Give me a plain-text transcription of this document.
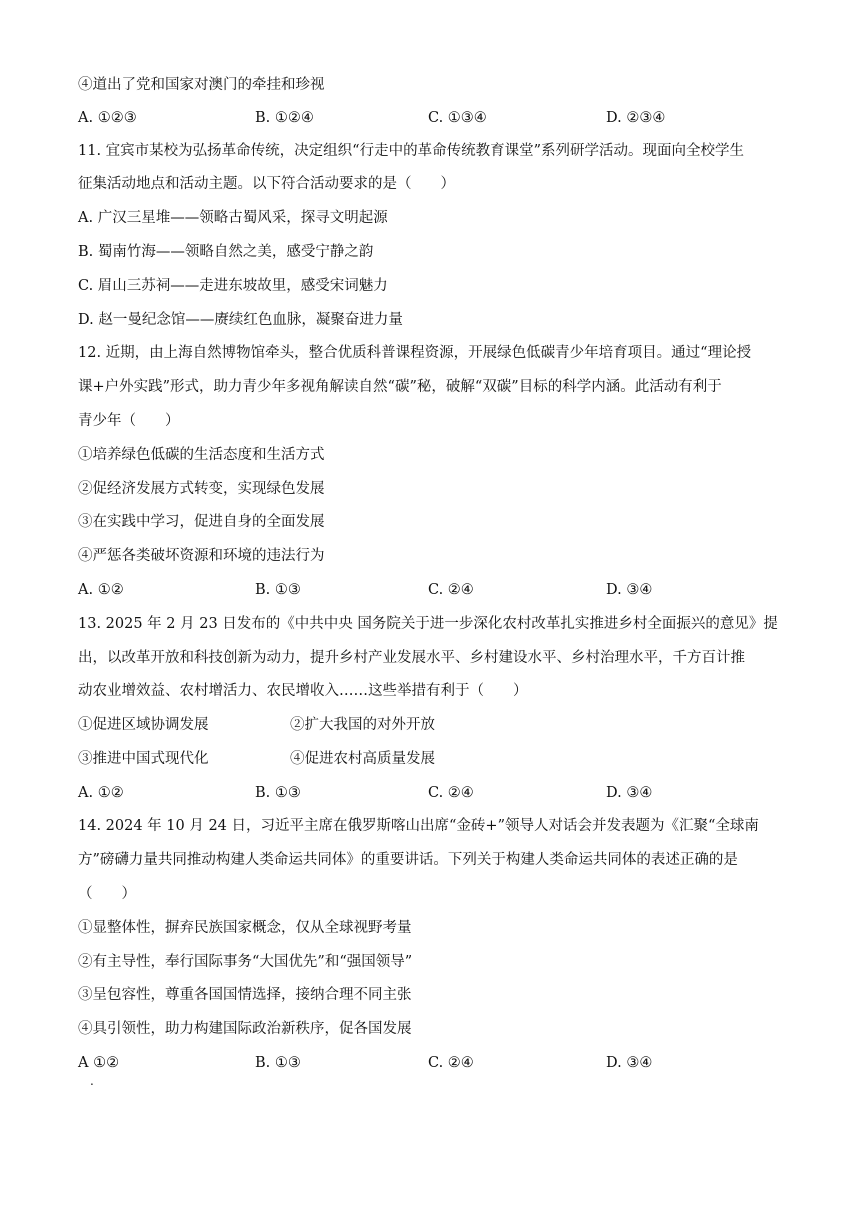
④道出了党和国家对澳门的牵挂和珍视
A. ①②③	B. ①②④	C. ①③④	D. ②③④
11. 宜宾市某校为弘扬革命传统，决定组织“行走中的革命传统教育课堂”系列研学活动。现面向全校学生
征集活动地点和活动主题。以下符合活动要求的是（　　）
A. 广汉三星堆——领略古蜀风采，探寻文明起源
B. 蜀南竹海——领略自然之美，感受宁静之韵
C. 眉山三苏祠——走进东坡故里，感受宋词魅力
D. 赵一曼纪念馆——赓续红色血脉，凝聚奋进力量
12. 近期，由上海自然博物馆牵头，整合优质科普课程资源，开展绿色低碳青少年培育项目。通过“理论授
课+户外实践”形式，助力青少年多视角解读自然“碳”秘，破解“双碳”目标的科学内涵。此活动有利于
青少年（　　）
①培养绿色低碳的生活态度和生活方式
②促经济发展方式转变，实现绿色发展
③在实践中学习，促进自身的全面发展
④严惩各类破坏资源和环境的违法行为
A. ①②	B. ①③	C. ②④	D. ③④
13. 2025 年 2 月 23 日发布的《中共中央 国务院关于进一步深化农村改革扎实推进乡村全面振兴的意见》提
出，以改革开放和科技创新为动力，提升乡村产业发展水平、乡村建设水平、乡村治理水平，千方百计推
动农业增效益、农村增活力、农民增收入……这些举措有利于（　　）
①促进区域协调发展	②扩大我国的对外开放
③推进中国式现代化	④促进农村高质量发展
A. ①②	B. ①③	C. ②④	D. ③④
14. 2024 年 10 月 24 日，习近平主席在俄罗斯喀山出席“金砖+”领导人对话会并发表题为《汇聚“全球南
方”磅礴力量共同推动构建人类命运共同体》的重要讲话。下列关于构建人类命运共同体的表述正确的是
（　　）
①显整体性，摒弃民族国家概念，仅从全球视野考量
②有主导性，奉行国际事务“大国优先”和“强国领导”
③呈包容性，尊重各国国情选择，接纳合理不同主张
④具引领性，助力构建国际政治新秩序，促各国发展
A ①②	B. ①③	C. ②④	D. ③④
.
